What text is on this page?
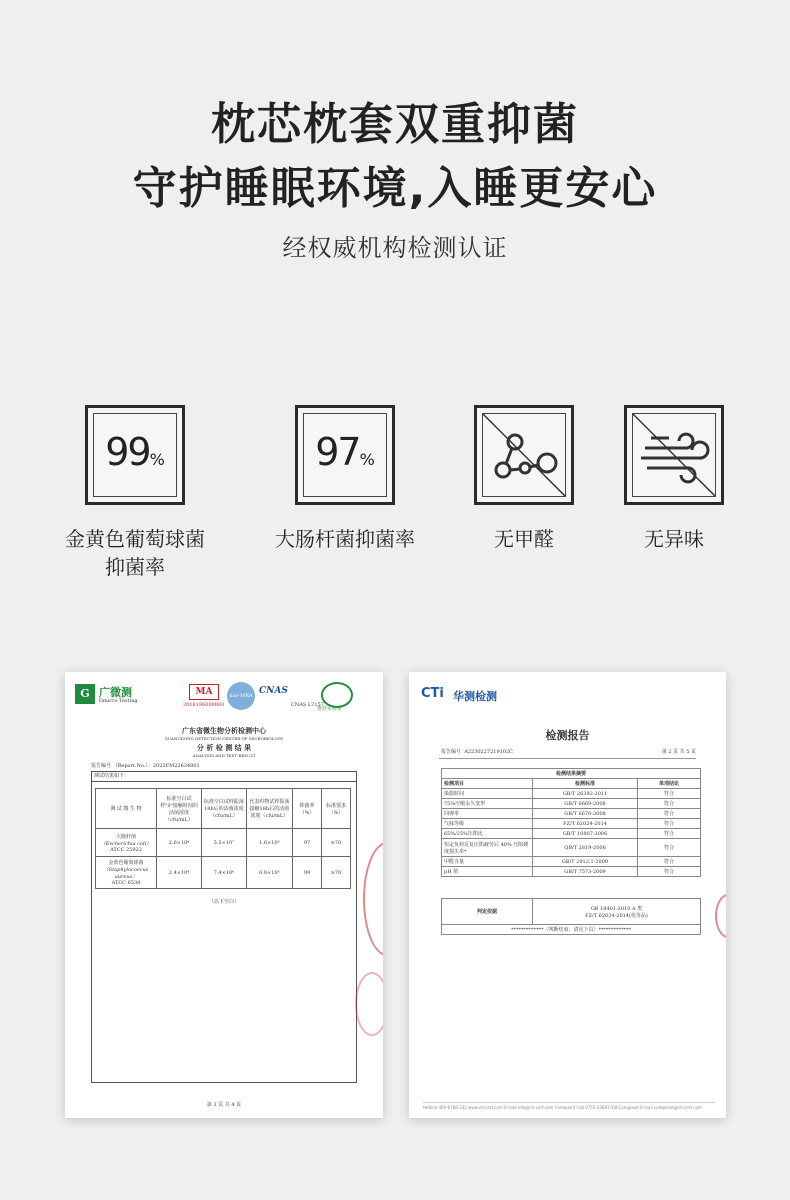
枕芯枕套双重抑菌
守护睡眠环境,入睡更安心
经权威机构检测认证
99%
金黄色葡萄球菌
抑菌率
97%
大肠杆菌抑菌率	无甲醛	无异味
G 广微测
Gmicro Testing
MA
2018196000803
ilac-MRA CNAS
CNAS L7157
推荐实验室
广东省微生物分析检测中心
GUANGDONG DETECTION CENTER OF MICROBIOLOGY
分 析 检 测 结 果
ANALYSIS AND TEST RESULT
报告编号 （Report.No.）：2022FM22634801
测试结果如下：
测 试 微 生 物	标准空白试样"0"接触时间的活菌浓度（cfu/mL）	标准空白试样振荡18h后的活菌浓度（cfu/mL）	代表织物试样振荡接触18h后的活菌浓度（cfu/mL）	抑菌率（%）	标准要求（%）

大肠杆菌
（Escherichia coli）
ATCC 25922	2.6×10⁴	5.5×10⁷	1.6×10⁶	97	≥70

金黄色葡萄球菌
（Staphylococcus aureus）
ATCC 6538	2.4×10⁴	7.4×10⁶	6.8×10⁴	99	≥70
（以下空白）
第 3 页 共 4 页
CTi 华测检测
检测报告
报告编号 A2230227219102C	第 2 页 共 5 页
检测结果摘要		
检测项目	检测标准	单项结论
染限时间	GB/T 26392-2011	符合
75%压缩永久变形	GB/T 6669-2008	符合
回弹率	GB/T 6670-2008	符合
气味等级	FZ/T 62024-2014	符合
65%/25%压陷比	GB/T 10807-2006	符合
恒定负荷反复压陷疲劳后 40% 压陷硬度损失率*	QB/T 2819-2006	符合
甲醛含量	GB/T 2912.1-2009	符合
pH 值	GB/T 7573-2009	符合
判定依据	
GB 18401-2010 A 类
FZ/T 62024-2014(优等品)

*************（判断结束，请见下页）*************
Hotline 400-6788-333 www.cti-cert.com E-mail info@cti-cert.com Complaint Call 0755-33681700 Complaint E-mail complaint@cti-cert.com
